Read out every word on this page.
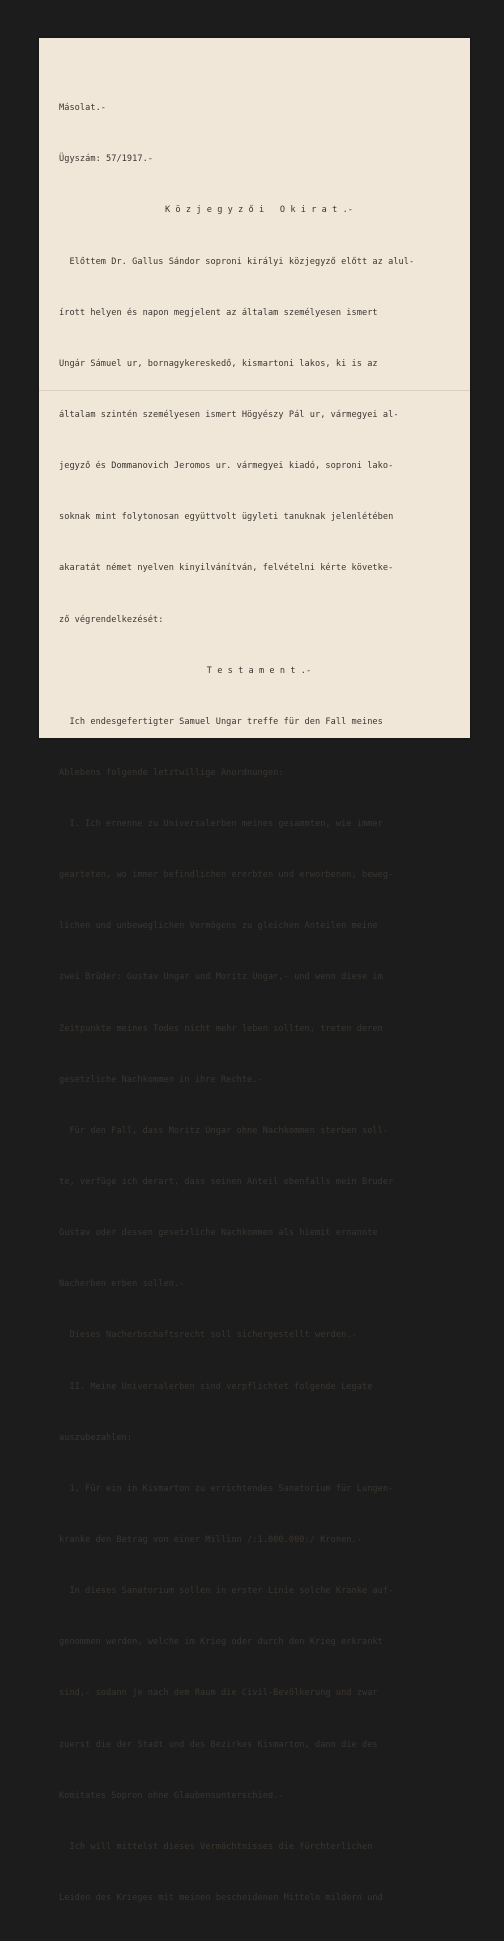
Másolat.-

Ügyszám: 57/1917.-

K ö z j e g y z ő i   O k i r a t .-

Előttem Dr. Gallus Sándor soproni királyi közjegyző előtt az alul-

írott helyen és napon megjelent az általam személyesen ismert

Ungár Sámuel ur, bornagykereskedő, kismartoni lakos, ki is az

általam szintén személyesen ismert Högyészy Pál ur, vármegyei al-

jegyző és Dommanovich Jeromos ur. vármegyei kiadó, soproni lako-

soknak mint folytonosan együttvolt ügyleti tanuknak jelenlétében

akaratát német nyelven kinyilvánítván, felvételni kérte követke-

ző végrendelkezését:

T e s t a m e n t .-

Ich endesgefertigter Samuel Ungar treffe für den Fall meines

Ablebens folgende letztwillige Anordnungen:

I. Ich ernenne zu Universalerben meines gesammten, wie immer

gearteten, wo immer befindlichen ererbten und erworbenen, beweg-

lichen und unbeweglichen Vermögens zu gleichen Anteilen meine

zwei Brüder: Gustav Ungar und Moritz Ungar,- und wenn diese im

Zeitpunkte meines Todes nicht mehr leben sollten, treten deren

gesetzliche Nachkommen in ihre Rechte.-

Für den Fall, dass Moritz Ungar ohne Nachkommen sterben soll-

te, verfüge ich derart, dass seinen Anteil ebenfalls mein Bruder

Gustav oder dessen gesetzliche Nachkommen als hiemit ernannte

Nacherben erben sollen.-

Dieses Nacherbschaftsrecht soll sichergestellt werden.-

II. Meine Universalerben sind verpflichtet folgende Legate

auszubezahlen:

1, Für ein in Kismarton zu errichtendes Sanatorium für Lungen-

kranke den Betrag von einer Million /:1.000.000:/ Kronen.-

In dieses Sanatorium sollen in erster Linie solche Kranke auf-

genommen werden, welche im Krieg oder durch den Krieg erkrankt

sind,- sodann je nach dem Raum die Civil-Bevölkerung und zwar

zuerst die der Stadt und des Bezirkes Kismarton, dann die des

Komitates Sopron ohne Glaubensunterschied.-

Ich will mittelst dieses Vermächtnisses die fürchterlichen

Leiden des Krieges mit meinen bescheidenen Mitteln mildern und
